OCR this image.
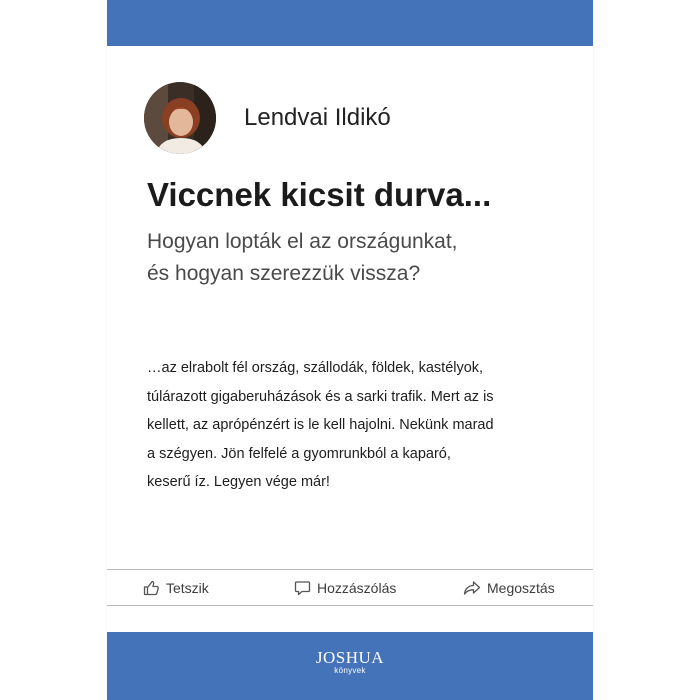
Lendvai Ildikó
Viccnek kicsit durva...
Hogyan lopták el az országunkat,
és hogyan szerezzük vissza?
…az elrabolt fél ország, szállodák, földek, kastélyok,
túlárazott gigaberuházások és a sarki trafik. Mert az is
kellett, az aprópénzért is le kell hajolni. Nekünk marad
a szégyen. Jön felfelé a gyomrunkból a kaparó,
keserű íz. Legyen vége már!
Tetszik	Hozzászólás	Megosztás
JOSHUA
könyvek
